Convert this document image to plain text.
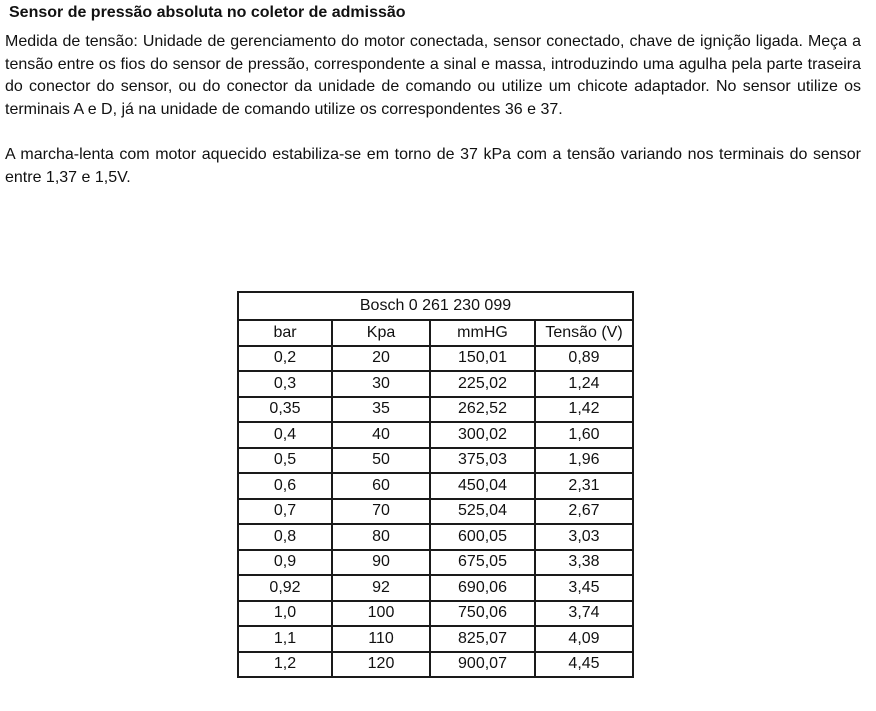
Sensor de pressão absoluta no coletor de admissão

Medida de tensão: Unidade de gerenciamento do motor conectada, sensor conectado, chave de ignição ligada. Meça a tensão entre os fios do sensor de pressão, correspondente a sinal e massa, introduzindo uma agulha pela parte traseira do conector do sensor, ou do conector da unidade de comando ou utilize um chicote adaptador. No sensor utilize os terminais A e D, já na unidade de comando utilize os correspondentes 36 e 37.

A marcha-lenta com motor aquecido estabiliza-se em torno de 37 kPa com a tensão variando nos terminais do sensor entre 1,37 e 1,5V.

Bosch 0 261 230 099			
bar	Kpa	mmHG	Tensão (V)
0,2	20	150,01	0,89
0,3	30	225,02	1,24
0,35	35	262,52	1,42
0,4	40	300,02	1,60
0,5	50	375,03	1,96
0,6	60	450,04	2,31
0,7	70	525,04	2,67
0,8	80	600,05	3,03
0,9	90	675,05	3,38
0,92	92	690,06	3,45
1,0	100	750,06	3,74
1,1	110	825,07	4,09
1,2	120	900,07	4,45
